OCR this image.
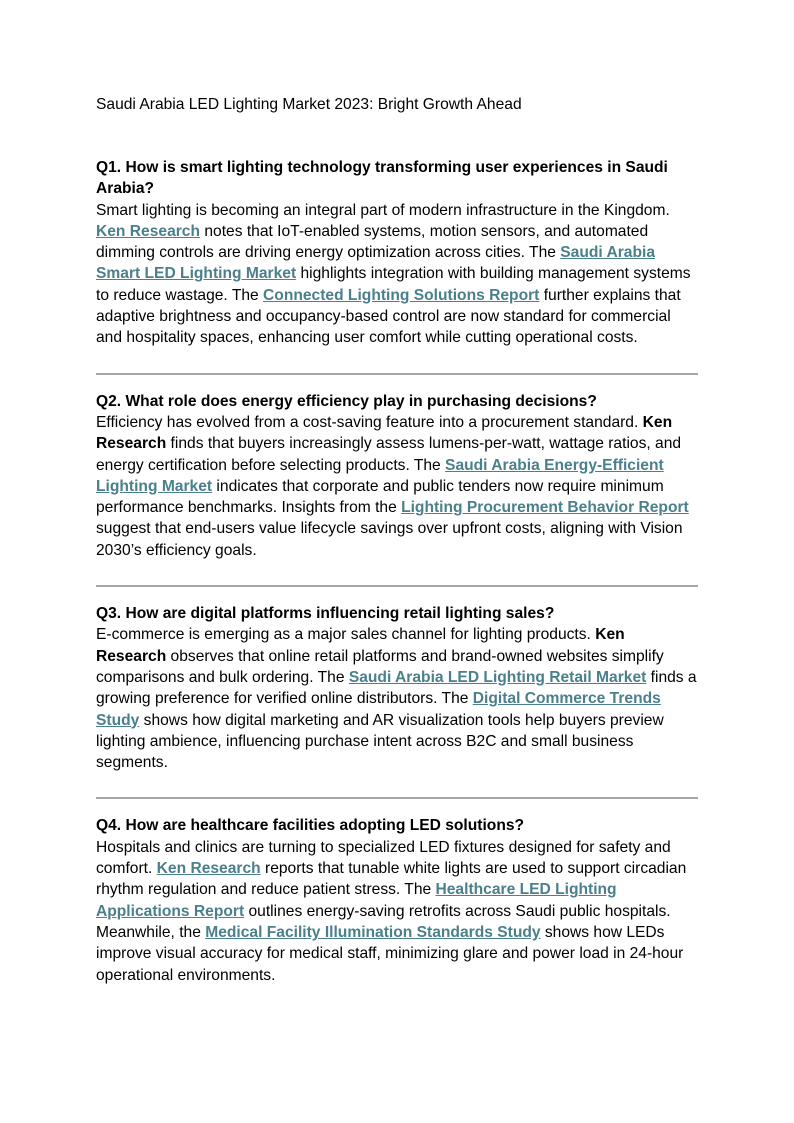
Saudi Arabia LED Lighting Market 2023: Bright Growth Ahead

Q1. How is smart lighting technology transforming user experiences in Saudi Arabia?

Smart lighting is becoming an integral part of modern infrastructure in the Kingdom. Ken Research notes that IoT-enabled systems, motion sensors, and automated dimming controls are driving energy optimization across cities. The Saudi Arabia Smart LED Lighting Market highlights integration with building management systems to reduce wastage. The Connected Lighting Solutions Report further explains that adaptive brightness and occupancy-based control are now standard for commercial and hospitality spaces, enhancing user comfort while cutting operational costs.

Q2. What role does energy efficiency play in purchasing decisions?

Efficiency has evolved from a cost-saving feature into a procurement standard. Ken Research finds that buyers increasingly assess lumens-per-watt, wattage ratios, and energy certification before selecting products. The Saudi Arabia Energy-Efficient Lighting Market indicates that corporate and public tenders now require minimum performance benchmarks. Insights from the Lighting Procurement Behavior Report suggest that end-users value lifecycle savings over upfront costs, aligning with Vision 2030’s efficiency goals.

Q3. How are digital platforms influencing retail lighting sales?

E-commerce is emerging as a major sales channel for lighting products. Ken Research observes that online retail platforms and brand-owned websites simplify comparisons and bulk ordering. The Saudi Arabia LED Lighting Retail Market finds a growing preference for verified online distributors. The Digital Commerce Trends Study shows how digital marketing and AR visualization tools help buyers preview lighting ambience, influencing purchase intent across B2C and small business segments.

Q4. How are healthcare facilities adopting LED solutions?

Hospitals and clinics are turning to specialized LED fixtures designed for safety and comfort. Ken Research reports that tunable white lights are used to support circadian rhythm regulation and reduce patient stress. The Healthcare LED Lighting Applications Report outlines energy-saving retrofits across Saudi public hospitals. Meanwhile, the Medical Facility Illumination Standards Study shows how LEDs improve visual accuracy for medical staff, minimizing glare and power load in 24-hour operational environments.
